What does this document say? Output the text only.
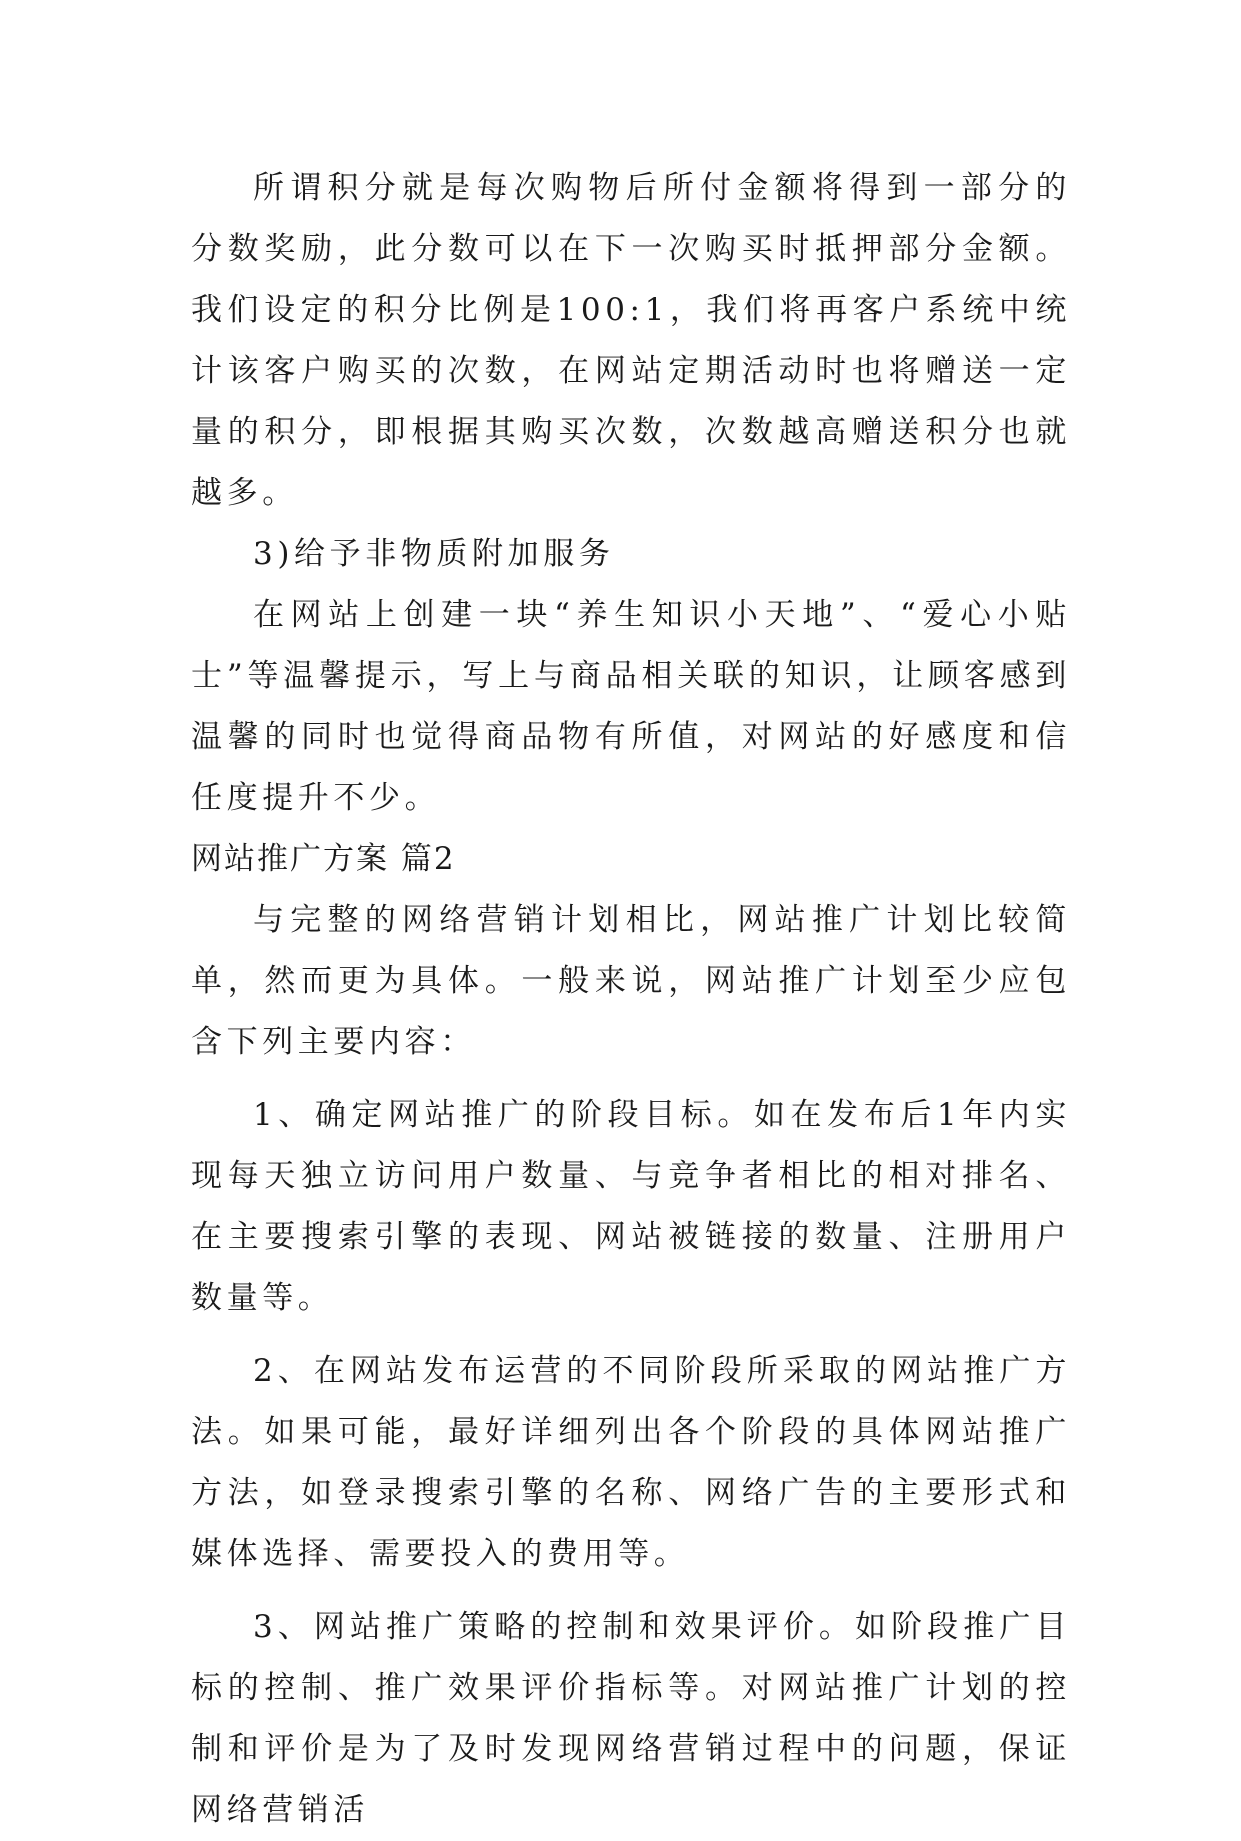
所谓积分就是每次购物后所付金额将得到一部分的分数奖励，此分数可以在下一次购买时抵押部分金额。我们设定的积分比例是100:1，我们将再客户系统中统计该客户购买的次数，在网站定期活动时也将赠送一定量的积分，即根据其购买次数，次数越高赠送积分也就越多。

3)给予非物质附加服务

在网站上创建一块“养生知识小天地”、“爱心小贴士”等温馨提示，写上与商品相关联的知识，让顾客感到温馨的同时也觉得商品物有所值，对网站的好感度和信任度提升不少。

网站推广方案 篇2

与完整的网络营销计划相比，网站推广计划比较简单，然而更为具体。一般来说，网站推广计划至少应包含下列主要内容：

1、确定网站推广的阶段目标。如在发布后1年内实现每天独立访问用户数量、与竞争者相比的相对排名、在主要搜索引擎的表现、网站被链接的数量、注册用户数量等。

2、在网站发布运营的不同阶段所采取的网站推广方法。如果可能，最好详细列出各个阶段的具体网站推广方法，如登录搜索引擎的名称、网络广告的主要形式和媒体选择、需要投入的费用等。

3、网站推广策略的控制和效果评价。如阶段推广目标的控制、推广效果评价指标等。对网站推广计划的控制和评价是为了及时发现网络营销过程中的问题，保证网络营销活
